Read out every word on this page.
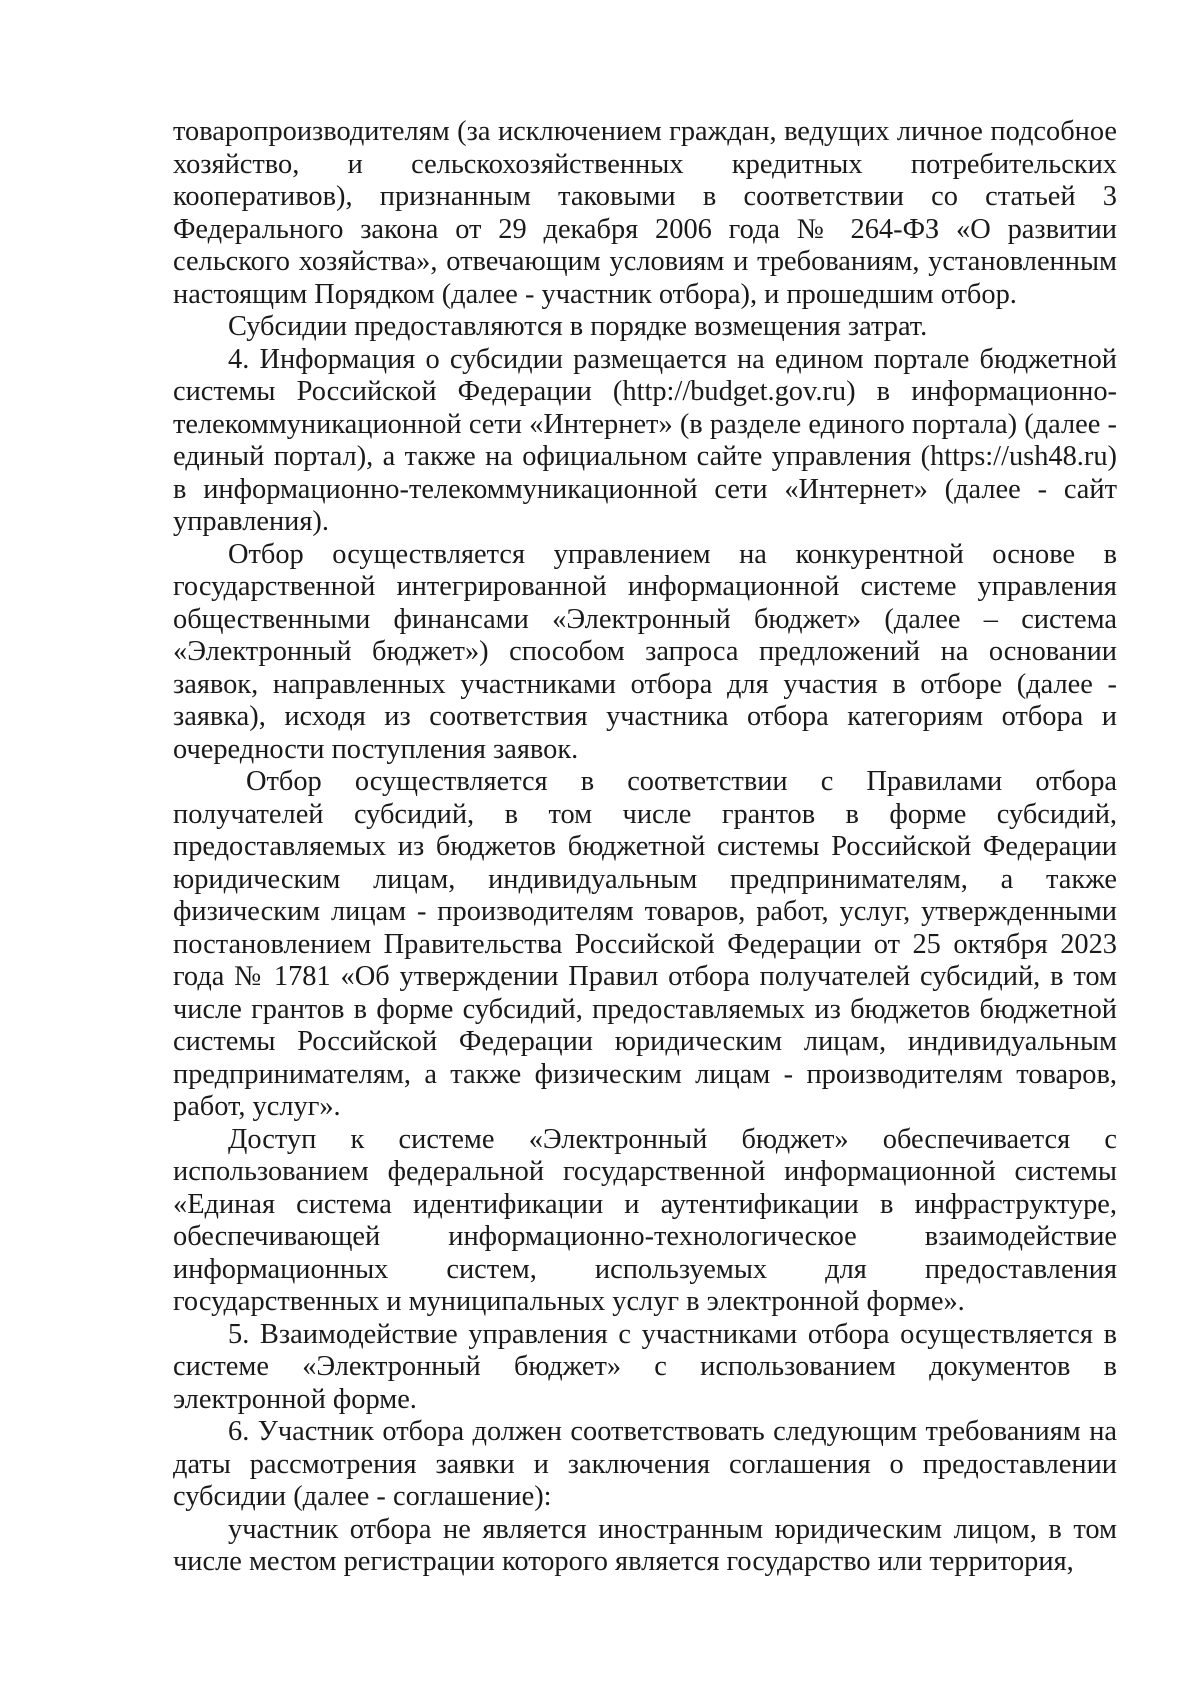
товаропроизводителям (за исключением граждан, ведущих личное подсобное хозяйство, и сельскохозяйственных кредитных потребительских кооперативов), признанным таковыми в соответствии со статьей 3 Федерального закона от 29 декабря 2006 года № 264-ФЗ «О развитии сельского хозяйства», отвечающим условиям и требованиям, установленным настоящим Порядком (далее - участник отбора), и прошедшим отбор.

Субсидии предоставляются в порядке возмещения затрат.

4. Информация о субсидии размещается на едином портале бюджетной системы Российской Федерации (http://budget.gov.ru) в информационно-телекоммуникационной сети «Интернет» (в разделе единого портала) (далее - единый портал), а также на официальном сайте управления (https://ush48.ru) в информационно-телекоммуникационной сети «Интернет» (далее - сайт управления).

Отбор осуществляется управлением на конкурентной основе в государственной интегрированной информационной системе управления общественными финансами «Электронный бюджет» (далее – система «Электронный бюджет») способом запроса предложений на основании заявок, направленных участниками отбора для участия в отборе (далее - заявка), исходя из соответствия участника отбора категориям отбора и очередности поступления заявок.

Отбор осуществляется в соответствии с Правилами отбора получателей субсидий, в том числе грантов в форме субсидий, предоставляемых из бюджетов бюджетной системы Российской Федерации юридическим лицам, индивидуальным предпринимателям, а также физическим лицам - производителям товаров, работ, услуг, утвержденными постановлением Правительства Российской Федерации от 25 октября 2023 года № 1781 «Об утверждении Правил отбора получателей субсидий, в том числе грантов в форме субсидий, предоставляемых из бюджетов бюджетной системы Российской Федерации юридическим лицам, индивидуальным предпринимателям, а также физическим лицам - производителям товаров, работ, услуг».

Доступ к системе «Электронный бюджет» обеспечивается с использованием федеральной государственной информационной системы «Единая система идентификации и аутентификации в инфраструктуре, обеспечивающей информационно-технологическое взаимодействие информационных систем, используемых для предоставления государственных и муниципальных услуг в электронной форме».

5. Взаимодействие управления с участниками отбора осуществляется в системе «Электронный бюджет» с использованием документов в электронной форме.

6. Участник отбора должен соответствовать следующим требованиям на даты рассмотрения заявки и заключения соглашения о предоставлении субсидии (далее - соглашение):

участник отбора не является иностранным юридическим лицом, в том числе местом регистрации которого является государство или территория,
